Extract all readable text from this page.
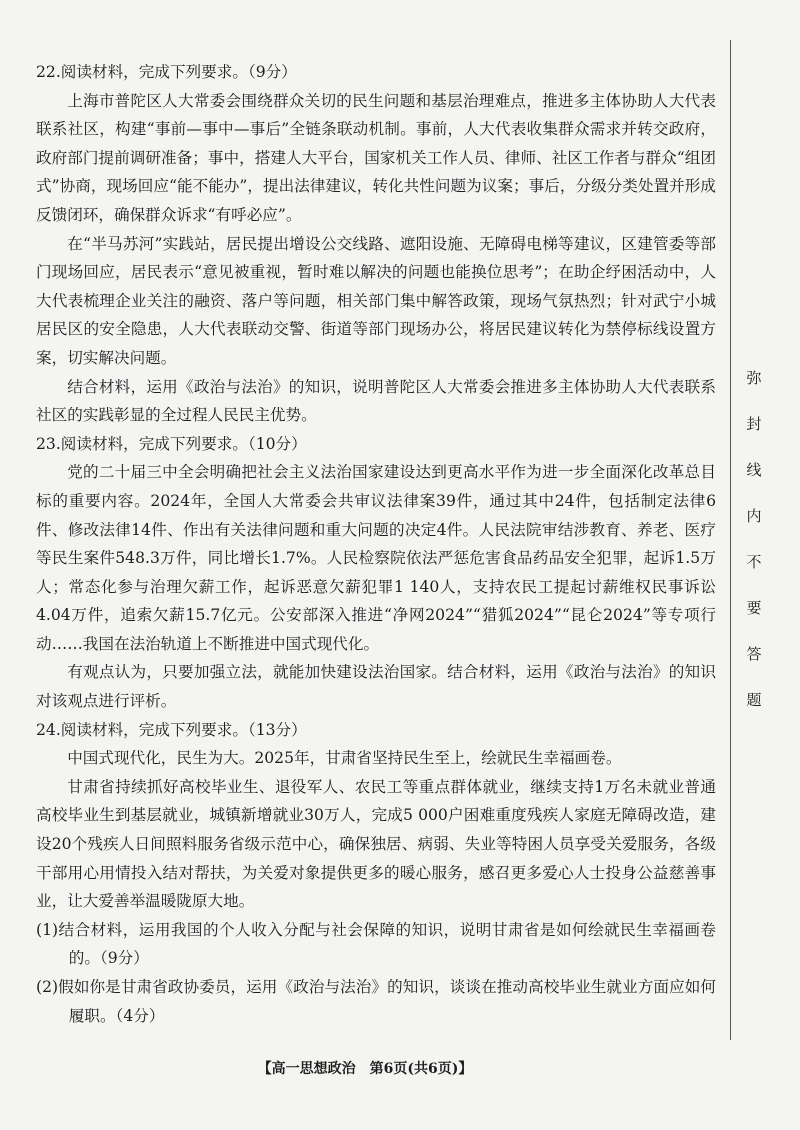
22.阅读材料，完成下列要求。（9分）

上海市普陀区人大常委会围绕群众关切的民生问题和基层治理难点，推进多主体协助人大代表联系社区，构建“事前—事中—事后”全链条联动机制。事前，人大代表收集群众需求并转交政府，政府部门提前调研准备；事中，搭建人大平台，国家机关工作人员、律师、社区工作者与群众“组团式”协商，现场回应“能不能办”，提出法律建议，转化共性问题为议案；事后，分级分类处置并形成反馈闭环，确保群众诉求“有呼必应”。

在“半马苏河”实践站，居民提出增设公交线路、遮阳设施、无障碍电梯等建议，区建管委等部门现场回应，居民表示“意见被重视，暂时难以解决的问题也能换位思考”；在助企纾困活动中，人大代表梳理企业关注的融资、落户等问题，相关部门集中解答政策，现场气氛热烈；针对武宁小城居民区的安全隐患，人大代表联动交警、街道等部门现场办公，将居民建议转化为禁停标线设置方案，切实解决问题。

结合材料，运用《政治与法治》的知识，说明普陀区人大常委会推进多主体协助人大代表联系社区的实践彰显的全过程人民民主优势。

23.阅读材料，完成下列要求。（10分）

党的二十届三中全会明确把社会主义法治国家建设达到更高水平作为进一步全面深化改革总目标的重要内容。2024年，全国人大常委会共审议法律案39件，通过其中24件，包括制定法律6件、修改法律14件、作出有关法律问题和重大问题的决定4件。人民法院审结涉教育、养老、医疗等民生案件548.3万件，同比增长1.7%。人民检察院依法严惩危害食品药品安全犯罪，起诉1.5万人；常态化参与治理欠薪工作，起诉恶意欠薪犯罪1 140人，支持农民工提起讨薪维权民事诉讼4.04万件，追索欠薪15.7亿元。公安部深入推进“净网2024”“猎狐2024”“昆仑2024”等专项行动……我国在法治轨道上不断推进中国式现代化。

有观点认为，只要加强立法，就能加快建设法治国家。结合材料，运用《政治与法治》的知识对该观点进行评析。

24.阅读材料，完成下列要求。（13分）

中国式现代化，民生为大。2025年，甘肃省坚持民生至上，绘就民生幸福画卷。

甘肃省持续抓好高校毕业生、退役军人、农民工等重点群体就业，继续支持1万名未就业普通高校毕业生到基层就业，城镇新增就业30万人，完成5 000户困难重度残疾人家庭无障碍改造，建设20个残疾人日间照料服务省级示范中心，确保独居、病弱、失业等特困人员享受关爱服务，各级干部用心用情投入结对帮扶，为关爱对象提供更多的暖心服务，感召更多爱心人士投身公益慈善事业，让大爱善举温暖陇原大地。

(1)结合材料，运用我国的个人收入分配与社会保障的知识，说明甘肃省是如何绘就民生幸福画卷的。（9分）

(2)假如你是甘肃省政协委员，运用《政治与法治》的知识，谈谈在推动高校毕业生就业方面应如何履职。（4分）

弥
封
线
内
不
要
答
题
【高一思想政治　第6页(共6页)】
